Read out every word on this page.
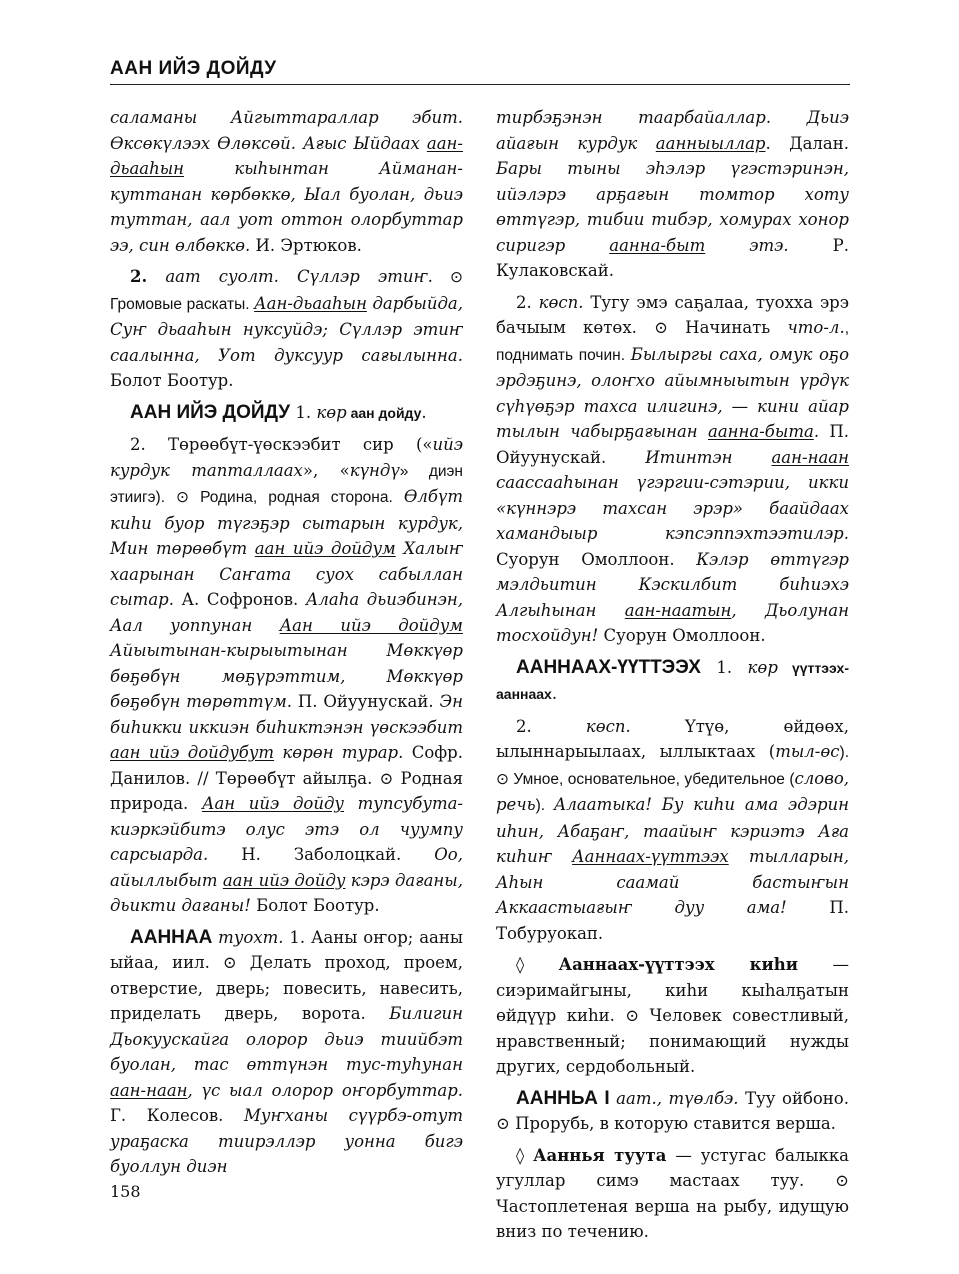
ААН ИЙЭ ДОЙДУ

саламаны Айгыттараллар эбит. Өксөкүлээх Өлөксөй. Ағыс Ыйдаах аан-дьааһын кыһынтан Айманан-куттанан көрбөккө, Ыал буолан, дьиэ туттан, аал уот оттон олорбуттар ээ, син өлбөккө. И. Эртюков.

2. аат суолт. Сүллэр этиҥ. ⊙ Громовые раскаты. Аан-дьааһын дарбыйда, Суҥ дьааһын нуксуйдэ; Сүллэр этиҥ саалынна, Уот дуксуур сағылынна. Болот Боотур.

ААН ИЙЭ ДОЙДУ 1. көр аан дойду.

2. Төрөөбүт-үөскээбит сир («ийэ курдук тапталлаах», «күндү» диэн этиигэ). ⊙ Родина, родная сторона. Өлбүт киһи буор түгэҕэр сытарын курдук, Мин төрөөбүт аан ийэ дойдум Халыҥ хаарынан Саҥата суох сабыллан сытар. А. Софронов. Алаһа дьиэбинэн, Аал уоппунан Аан ийэ дойдум Айыытынан-кырыытынан Мөккүөр бөҕөбүн мөҕүрэттим, Мөккүөр бөҕөбүн төрөттүм. П. Ойуунускай. Эн биһикки иккиэн биһиктэнэн үөскээбит аан ийэ дойдубут көрөн турар. Софр. Данилов. // Төрөөбүт айылҕа. ⊙ Родная природа. Аан ийэ дойду тупсубута-киэркэйбитэ олус этэ ол чуумпу сарсыарда. Н. Заболоцкай. Оо, айыллыбыт аан ийэ дойду кэрэ дағаны, дьикти дағаны! Болот Боотур.

ААННАА туохт. 1. Ааны оҥор; ааны ыйаа, иил. ⊙ Делать проход, проем, отверстие, дверь; повесить, навесить, приделать дверь, ворота. Билигин Дьокуускайга олорор дьиэ тиийбэт буолан, тас өттүнэн тус-туһунан аан-наан, үс ыал олорор оҥорбуттар. Г. Колесов. Муҥханы сүүрбэ-отут ураҕаска тиирэллэр уонна бигэ буоллун диэн

тирбэҕэнэн таарбайаллар. Дьиэ айағын курдук аанныыллар. Далан. Бары тыны эһэлэр үгэстэринэн, ийэлэрэ арҕағын томтор хоту өттүгэр, тибии тибэр, хомурах хонор сиригэр аанна-быт этэ. Р. Кулаковскай.

2. көсп. Тугу эмэ саҕалаа, туохха эрэ бачыым көтөх. ⊙ Начинать что-л., поднимать почин. Былыргы саха, омук оҕо эрдэҕинэ, олоҥхо айымныытын үрдүк сүһүөҕэр тахса илигинэ, — кини айар тылын чабырҕағынан аанна-быта. П. Ойуунускай. Итинтэн аан-наан саассааһынан үгэргии-сэтэрии, икки «күннэрэ тахсан эрэр» баайдаах хамандыыр кэпсэппэхтээтилэр. Суорун Омоллоон. Кэлэр өттүгэр мэлдьитин Кэскилбит биһиэхэ Алгыһынан аан-наатын, Дьолунан тосхойдун! Суорун Омоллоон.

ААННААХ-ҮҮТТЭЭХ 1. көр үүттээх-ааннаах.

2. көсп. Үтүө, өйдөөх, ылыннарыылаах, ыллыктаах (тыл-өс). ⊙ Умное, основательное, убедительное (слово, речь). Алаатыка! Бу киһи ама эдэрин иһин, Абаҕаҥ, таайыҥ кэриэтэ Ағa киһиҥ Ааннаах-үүттээх тылларын, Аһын саамай бастыҥын Аккаастыағыҥ дуу ама! П. Тобуруокап.

◊ Ааннаах-үүттээх киһи — сиэримайгыны, киһи кыһалҕатын өйдүүр киһи. ⊙ Человек совестливый, нравственный; понимающий нужды других, сердобольный.

ААННЬА I аат., түөлбэ. Туу ойбоно. ⊙ Прорубь, в которую ставится верша.

◊ Ааннья туута — устугас балыкка угуллар симэ мастаах туу. ⊙ Частоплетеная верша на рыбу, идущую вниз по течению.

158
